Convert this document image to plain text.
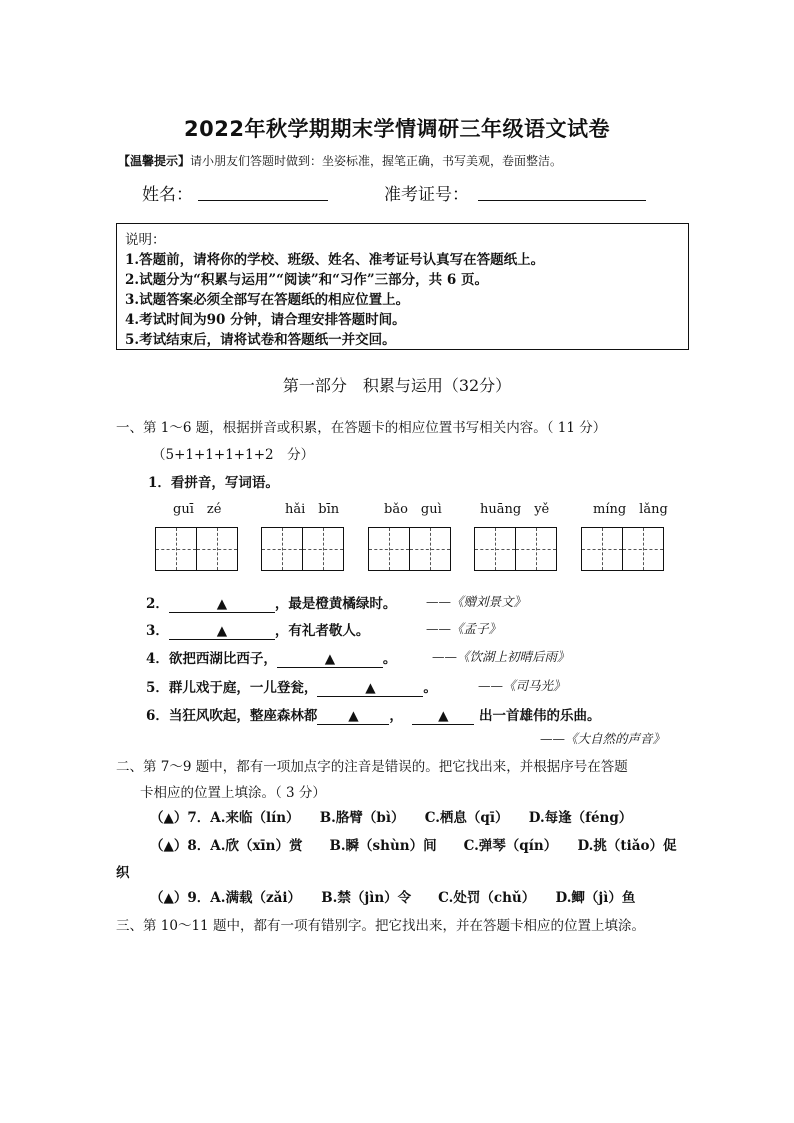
2022年秋学期期末学情调研三年级语文试卷
【温馨提示】请小朋友们答题时做到：坐姿标准，握笔正确，书写美观，卷面整洁。
姓名：	准考证号：
说明：
1.答题前，请将你的学校、班级、姓名、准考证号认真写在答题纸上。
2.试题分为“积累与运用”“阅读”和“习作”三部分，共 6 页。
3.试题答案必须全部写在答题纸的相应位置上。
4.考试时间为90 分钟，请合理安排答题时间。
5.考试结束后，请将试卷和答题纸一并交回。
第一部分　积累与运用（32分）
一、第 1～6 题，根据拼音或积累，在答题卡的相应位置书写相关内容。（ 11 分）
（5+1+1+1+1+2　分）
1．看拼音，写词语。
guī　zé	hǎi　bīn	bǎo　guì	huāng　yě	míng　lǎng
2．	▲	，最是橙黄橘绿时。 ——《赠刘景文》
3．	▲	，有礼者敬人。	——《孟子》
4．欲把西湖比西子，	▲	。	——《饮湖上初晴后雨》
5．群儿戏于庭，一儿登瓮，	▲	。	——《司马光》
6．当狂风吹起，整座森林都 ▲ ，	▲ 出一首雄伟的乐曲。
——《大自然的声音》
二、第 7～9 题中，都有一项加点字的注音是错误的。把它找出来，并根据序号在答题
卡相应的位置上填涂。（ 3 分）
（▲）7．A.来临（lín）　　B.胳臂（bì）　　C.栖息（qī）　　D.每逢（féng）
（▲）8．A.欣（xīn）赏　　B.瞬（shùn）间　　C.弹琴（qín）　　D.挑（tiǎo）促
织
（▲）9．A.满载（zǎi）　　B.禁（jìn）令　　C.处罚（chǔ）　　D.鲫（jì）鱼
三、第 10～11 题中，都有一项有错别字。把它找出来，并在答题卡相应的位置上填涂。
